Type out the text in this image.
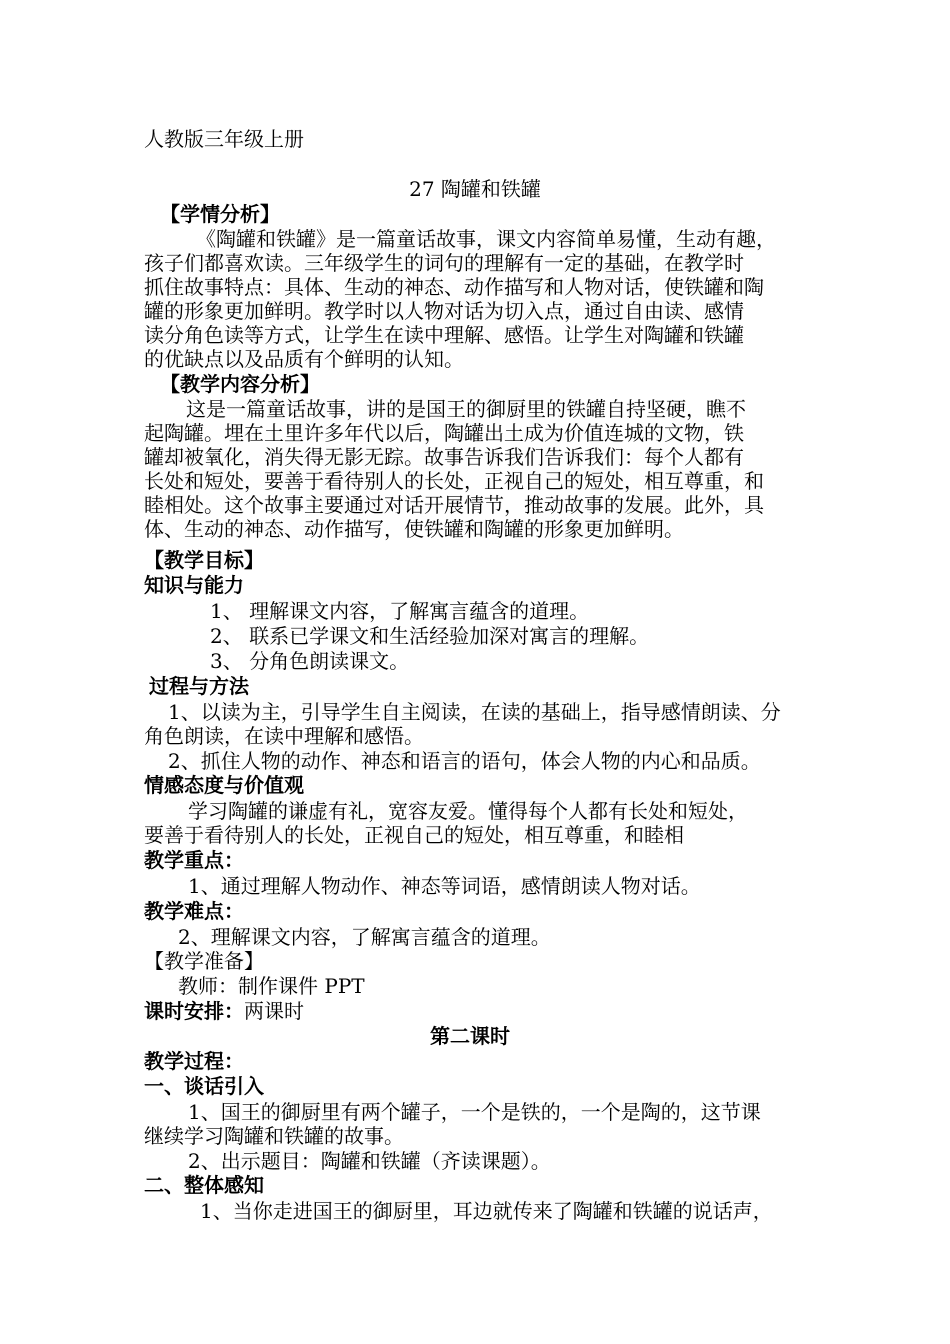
人教版三年级上册
27 陶罐和铁罐
【学情分析】
《陶罐和铁罐》是一篇童话故事，课文内容简单易懂，生动有趣，
孩子们都喜欢读。三年级学生的词句的理解有一定的基础，在教学时
抓住故事特点：具体、生动的神态、动作描写和人物对话，使铁罐和陶
罐的形象更加鲜明。教学时以人物对话为切入点，通过自由读、感情
读分角色读等方式，让学生在读中理解、感悟。让学生对陶罐和铁罐
的优缺点以及品质有个鲜明的认知。
【教学内容分析】
这是一篇童话故事，讲的是国王的御厨里的铁罐自持坚硬，瞧不
起陶罐。埋在土里许多年代以后，陶罐出土成为价值连城的文物，铁
罐却被氧化，消失得无影无踪。故事告诉我们告诉我们：每个人都有
长处和短处，要善于看待别人的长处，正视自己的短处，相互尊重，和
睦相处。这个故事主要通过对话开展情节，推动故事的发展。此外，具
体、生动的神态、动作描写，使铁罐和陶罐的形象更加鲜明。
【教学目标】
知识与能力
1、 理解课文内容，了解寓言蕴含的道理。
2、 联系已学课文和生活经验加深对寓言的理解。
3、 分角色朗读课文。
过程与方法
1、以读为主，引导学生自主阅读，在读的基础上，指导感情朗读、分
角色朗读，在读中理解和感悟。
2、抓住人物的动作、神态和语言的语句，体会人物的内心和品质。
情感态度与价值观
学习陶罐的谦虚有礼，宽容友爱。懂得每个人都有长处和短处，
要善于看待别人的长处，正视自己的短处，相互尊重，和睦相
教学重点：
1、通过理解人物动作、神态等词语，感情朗读人物对话。
教学难点：
2、理解课文内容，了解寓言蕴含的道理。
【教学准备】
教师：制作课件 PPT
课时安排：两课时
第二课时
教学过程：
一、谈话引入
1、国王的御厨里有两个罐子，一个是铁的，一个是陶的，这节课
继续学习陶罐和铁罐的故事。
2、出示题目：陶罐和铁罐（齐读课题）。
二、整体感知
1、当你走进国王的御厨里，耳边就传来了陶罐和铁罐的说话声，
